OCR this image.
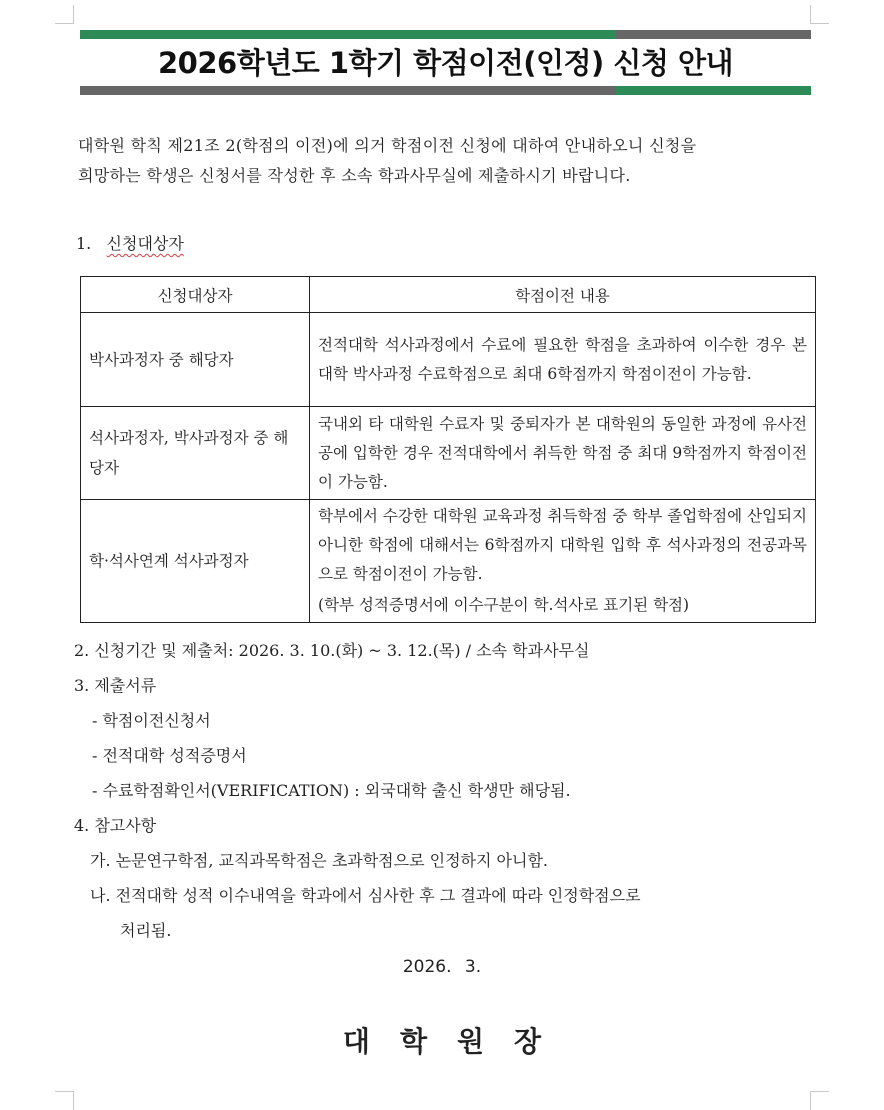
2026학년도 1학기 학점이전(인정) 신청 안내

대학원 학칙 제21조 2(학점의 이전)에 의거 학점이전 신청에 대하여 안내하오니 신청을

희망하는 학생은 신청서를 작성한 후 소속 학과사무실에 제출하시기 바랍니다.

1. 신청대상자
신청대상자	학점이전 내용
박사과정자 중 해당자	전적대학 석사과정에서 수료에 필요한 학점을 초과하여 이수한 경우 본 대학 박사과정 수료학점으로 최대 6학점까지 학점이전이 가능함.
석사과정자, 박사과정자 중 해당자	국내외 타 대학원 수료자 및 중퇴자가 본 대학원의 동일한 과정에 유사전공에 입학한 경우 전적대학에서 취득한 학점 중 최대 9학점까지 학점이전이 가능함.
학·석사연계 석사과정자	학부에서 수강한 대학원 교육과정 취득학점 중 학부 졸업학점에 산입되지 아니한 학점에 대해서는 6학점까지 대학원 입학 후 석사과정의 전공과목으로 학점이전이 가능함.
(학부 성적증명서에 이수구분이 학.석사로 표기된 학점)
2. 신청기간 및 제출처: 2026. 3. 10.(화) ~ 3. 12.(목) / 소속 학과사무실
3. 제출서류
- 학점이전신청서
- 전적대학 성적증명서
- 수료학점확인서(VERIFICATION) : 외국대학 출신 학생만 해당됨.
4. 참고사항
가. 논문연구학점, 교직과목학점은 초과학점으로 인정하지 아니함.
나. 전적대학 성적 이수내역을 학과에서 심사한 후 그 결과에 따라 인정학점으로
처리됨.
2026. 3.
대학원장
